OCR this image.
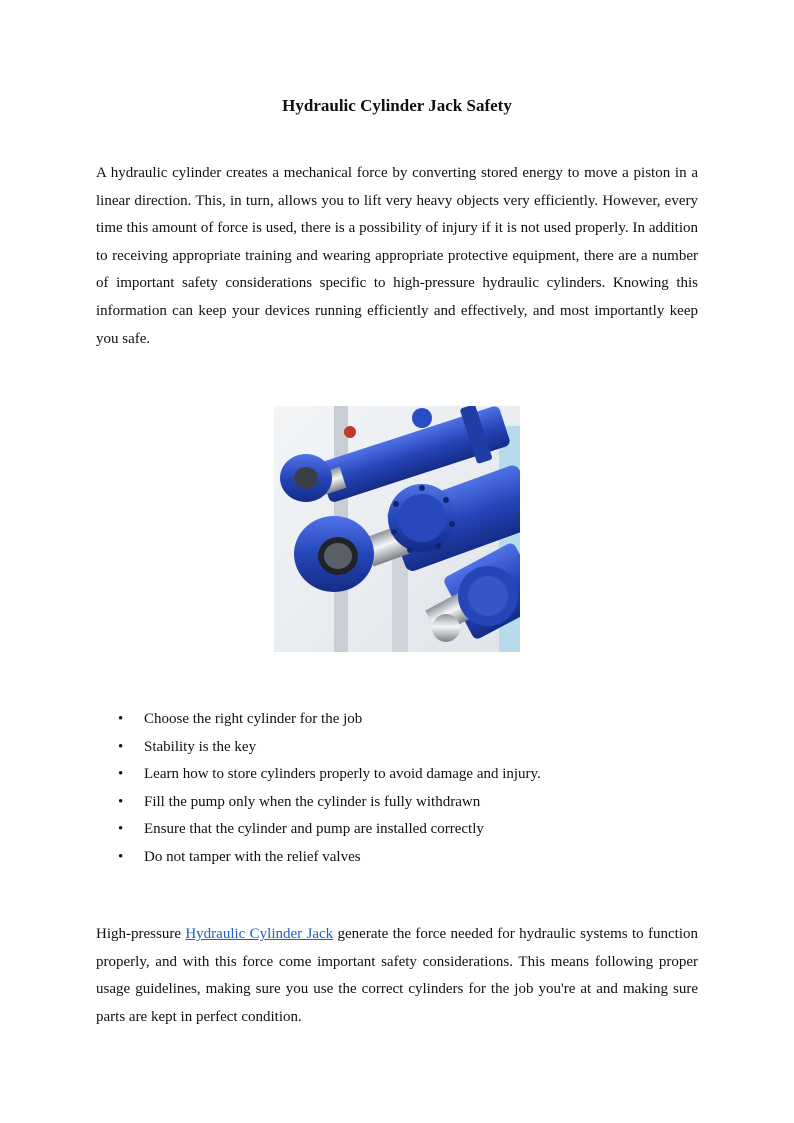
Hydraulic Cylinder Jack Safety

A hydraulic cylinder creates a mechanical force by converting stored energy to move a piston in a linear direction. This, in turn, allows you to lift very heavy objects very efficiently. However, every time this amount of force is used, there is a possibility of injury if it is not used properly. In addition to receiving appropriate training and wearing appropriate protective equipment, there are a number of important safety considerations specific to high-pressure hydraulic cylinders. Knowing this information can keep your devices running efficiently and effectively, and most importantly keep you safe.

• Choose the right cylinder for the job
• Stability is the key
• Learn how to store cylinders properly to avoid damage and injury.
• Fill the pump only when the cylinder is fully withdrawn
• Ensure that the cylinder and pump are installed correctly
• Do not tamper with the relief valves

High-pressure Hydraulic Cylinder Jack generate the force needed for hydraulic systems to function properly, and with this force come important safety considerations. This means following proper usage guidelines, making sure you use the correct cylinders for the job you're at and making sure parts are kept in perfect condition.
